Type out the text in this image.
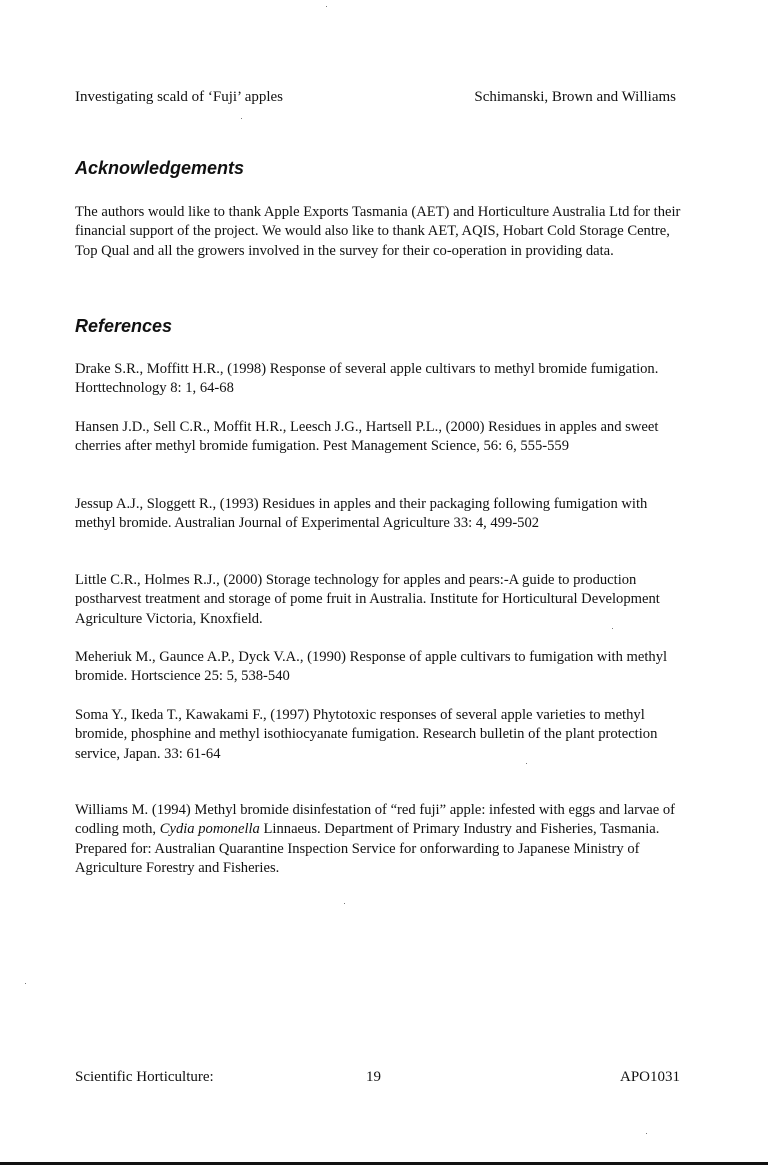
Investigating scald of ‘Fuji’ apples	Schimanski, Brown and Williams
Acknowledgements

The authors would like to thank Apple Exports Tasmania (AET) and Horticulture Australia Ltd for their financial support of the project. We would also like to thank AET, AQIS, Hobart Cold Storage Centre, Top Qual and all the growers involved in the survey for their co-operation in providing data.

References

Drake S.R., Moffitt H.R., (1998) Response of several apple cultivars to methyl bromide fumigation. Horttechnology 8: 1, 64-68

Hansen J.D., Sell C.R., Moffit H.R., Leesch J.G., Hartsell P.L., (2000) Residues in apples and sweet cherries after methyl bromide fumigation. Pest Management Science, 56: 6, 555-559

Jessup A.J., Sloggett R., (1993) Residues in apples and their packaging following fumigation with methyl bromide. Australian Journal of Experimental Agriculture 33: 4, 499-502

Little C.R., Holmes R.J., (2000) Storage technology for apples and pears:-A guide to production postharvest treatment and storage of pome fruit in Australia. Institute for Horticultural Development Agriculture Victoria, Knoxfield.

Meheriuk M., Gaunce A.P., Dyck V.A., (1990) Response of apple cultivars to fumigation with methyl bromide. Hortscience 25: 5, 538-540

Soma Y., Ikeda T., Kawakami F., (1997) Phytotoxic responses of several apple varieties to methyl bromide, phosphine and methyl isothiocyanate fumigation. Research bulletin of the plant protection service, Japan. 33: 61-64

Williams M. (1994) Methyl bromide disinfestation of “red fuji” apple: infested with eggs and larvae of codling moth, Cydia pomonella Linnaeus. Department of Primary Industry and Fisheries, Tasmania. Prepared for: Australian Quarantine Inspection Service for onforwarding to Japanese Ministry of Agriculture Forestry and Fisheries.

Scientific Horticulture:	19	APO1031
